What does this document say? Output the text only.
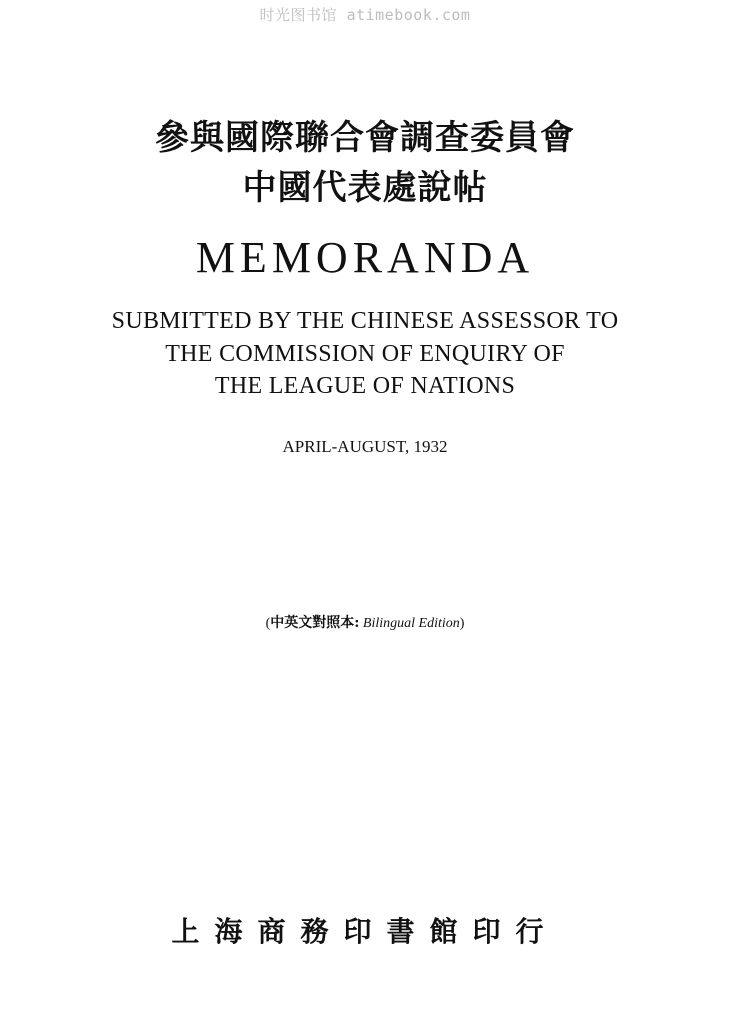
时光图书馆 atimebook.com
參與國際聯合會調查委員會
中國代表處說帖
MEMORANDA
SUBMITTED BY THE CHINESE ASSESSOR TO
THE COMMISSION OF ENQUIRY OF
THE LEAGUE OF NATIONS
APRIL-AUGUST, 1932
(中英文對照本: Bilingual Edition)
上海商務印書館印行
